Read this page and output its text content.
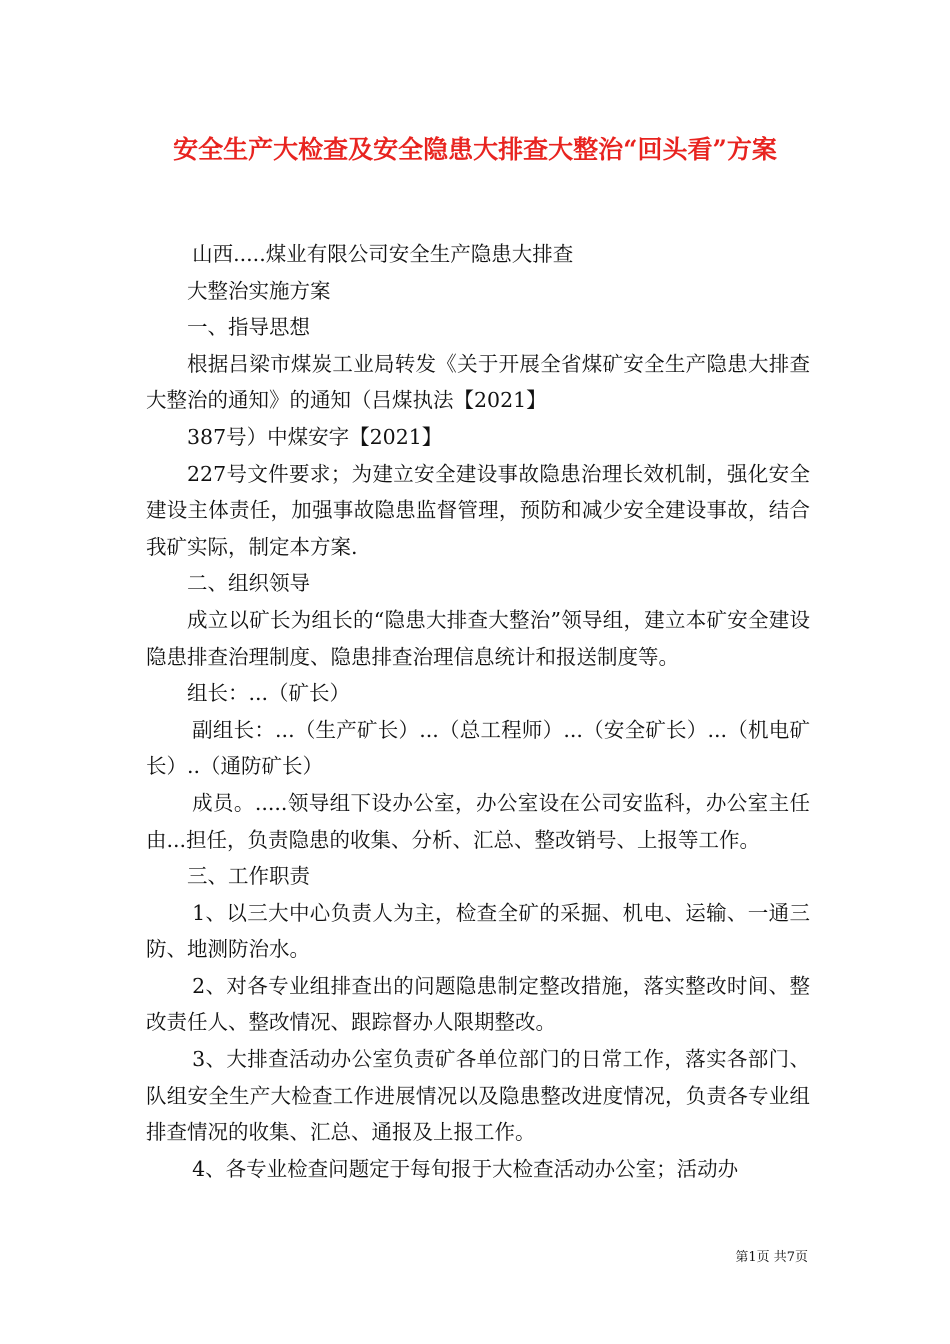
安全生产大检查及安全隐患大排查大整治“回头看”方案

山西.....煤业有限公司安全生产隐患大排查

大整治实施方案

一、指导思想

根据吕梁市煤炭工业局转发《关于开展全省煤矿安全生产隐患大排查大整治的通知》的通知（吕煤执法【2021】

387号）中煤安字【2021】

227号文件要求；为建立安全建设事故隐患治理长效机制，强化安全建设主体责任，加强事故隐患监督管理，预防和减少安全建设事故，结合我矿实际，制定本方案.

二、组织领导

成立以矿长为组长的“隐患大排查大整治”领导组，建立本矿安全建设隐患排查治理制度、隐患排查治理信息统计和报送制度等。

组长：...（矿长）

副组长：...（生产矿长）...（总工程师）...（安全矿长）...（机电矿长）..（通防矿长）

成员。.....领导组下设办公室，办公室设在公司安监科，办公室主任由...担任，负责隐患的收集、分析、汇总、整改销号、上报等工作。

三、工作职责

1、以三大中心负责人为主，检查全矿的采掘、机电、运输、一通三防、地测防治水。

2、对各专业组排查出的问题隐患制定整改措施，落实整改时间、整改责任人、整改情况、跟踪督办人限期整改。

3、大排查活动办公室负责矿各单位部门的日常工作，落实各部门、队组安全生产大检查工作进展情况以及隐患整改进度情况，负责各专业组排查情况的收集、汇总、通报及上报工作。

4、各专业检查问题定于每旬报于大检查活动办公室；活动办

第1页 共7页
